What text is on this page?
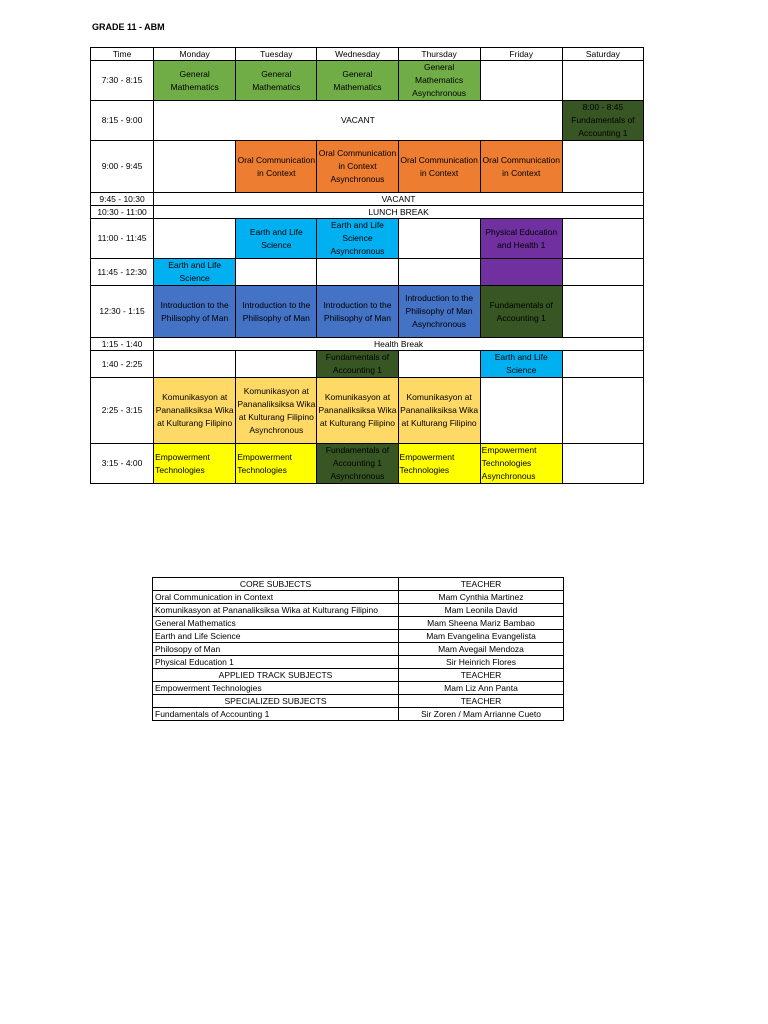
GRADE 11 - ABM
Time	Monday	Tuesday	Wednesday	Thursday	Friday	Saturday
7:30 - 8:15	General Mathematics	General Mathematics	General Mathematics	General Mathematics Asynchronous		
8:15 - 9:00	VACANT					8:00 - 8:45 Fundamentals of Accounting 1
9:00 - 9:45		Oral Communication in Context	Oral Communication in Context Asynchronous	Oral Communication in Context	Oral Communication in Context	
9:45 - 10:30	VACANT					
10:30 - 11:00	LUNCH BREAK					
11:00 - 11:45		Earth and Life Science	Earth and Life Science Asynchronous		Physical Education and Health 1	
11:45 - 12:30	Earth and Life Science					
12:30 - 1:15	Introduction to the Philisophy of Man	Introduction to the Philisophy of Man	Introduction to the Philisophy of Man	Introduction to the Philisophy of Man Asynchronous	Fundamentals of Accounting 1	
1:15 - 1:40	Health Break					
1:40 - 2:25			Fundamentals of Accounting 1		Earth and Life Science	
2:25 - 3:15	Komunikasyon at Pananaliksiksa Wika at Kulturang Filipino	Komunikasyon at Pananaliksiksa Wika at Kulturang Filipino Asynchronous	Komunikasyon at Pananaliksiksa Wika at Kulturang Filipino	Komunikasyon at Pananaliksiksa Wika at Kulturang Filipino		
3:15 - 4:00	Empowerment Technologies	Empowerment Technologies	Fundamentals of Accounting 1 Asynchronous	Empowerment Technologies	Empowerment Technologies Asynchronous	
CORE SUBJECTS	TEACHER
Oral Communication in Context	Mam Cynthia Martinez
Komunikasyon at Pananaliksiksa Wika at Kulturang Filipino	Mam Leonila David
General Mathematics	Mam Sheena Mariz Bambao
Earth and Life Science	Mam Evangelina Evangelista
Philosopy of Man	Mam Avegail Mendoza
Physical Education 1	Sir Heinrich Flores
APPLIED TRACK SUBJECTS	TEACHER
Empowerment Technologies	Mam Liz Ann Panta
SPECIALIZED SUBJECTS	TEACHER
Fundamentals of Accounting 1	Sir Zoren / Mam Arrianne Cueto
